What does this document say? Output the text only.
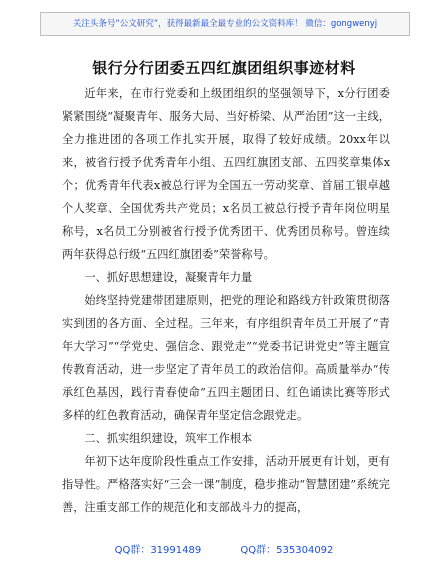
关注头条号“公文研究”，获得最新最全最专业的公文资料库！ 微信：gongwenyj
银行分行团委五四红旗团组织事迹材料

近年来，在市行党委和上级团组织的坚强领导下，x分行团委紧紧围绕“凝聚青年、服务大局、当好桥梁、从严治团”这一主线，全力推进团的各项工作扎实开展，取得了较好成绩。20xx年以来，被省行授予优秀青年小组、五四红旗团支部、五四奖章集体x个；优秀青年代表x被总行评为全国五一劳动奖章、首届工银卓越个人奖章、全国优秀共产党员；x名员工被总行授予青年岗位明星称号，x名员工分别被省行授予优秀团干、优秀团员称号。曾连续两年获得总行级“五四红旗团委”荣誉称号。

一、抓好思想建设，凝聚青年力量

始终坚持党建带团建原则，把党的理论和路线方针政策贯彻落实到团的各方面、全过程。三年来，有序组织青年员工开展了“青年大学习”“学党史、强信念、跟党走”“党委书记讲党史”等主题宣传教育活动，进一步坚定了青年员工的政治信仰。高质量举办“传承红色基因，践行青春使命”五四主题团日、红色诵读比赛等形式多样的红色教育活动，确保青年坚定信念跟党走。

二、抓实组织建设，筑牢工作根本

年初下达年度阶段性重点工作安排，活动开展更有计划，更有指导性。严格落实好“三会一课”制度，稳步推动“智慧团建”系统完善，注重支部工作的规范化和支部战斗力的提高，

QQ群：31991489	QQ群：535304092
